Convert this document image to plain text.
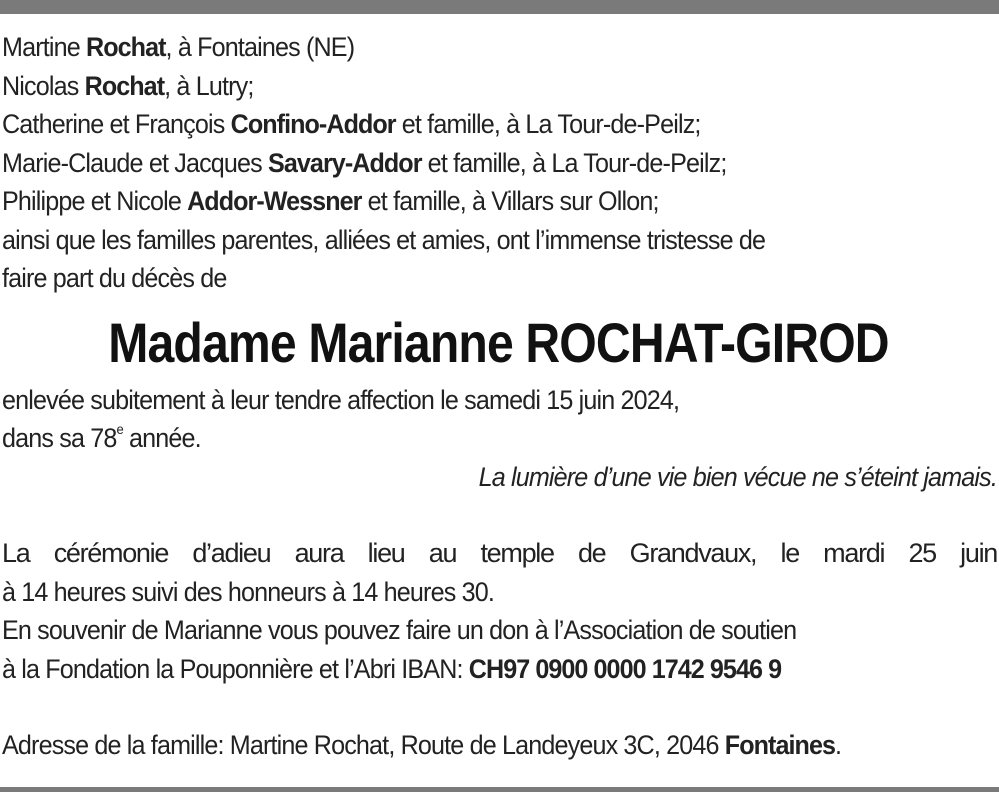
Martine Rochat, à Fontaines (NE)
Nicolas Rochat, à Lutry;
Catherine et François Confino-Addor et famille, à La Tour-de-Peilz;
Marie-Claude et Jacques Savary-Addor et famille, à La Tour-de-Peilz;
Philippe et Nicole Addor-Wessner et famille, à Villars sur Ollon;
ainsi que les familles parentes, alliées et amies, ont l’immense tristesse de
faire part du décès de
Madame Marianne ROCHAT-GIROD
enlevée subitement à leur tendre affection le samedi 15 juin 2024,
dans sa 78e année.
La lumière d’une vie bien vécue ne s’éteint jamais.
La cérémonie d’adieu aura lieu au temple de Grandvaux, le mardi 25 juin
à 14 heures suivi des honneurs à 14 heures 30.
En souvenir de Marianne vous pouvez faire un don à l’Association de soutien
à la Fondation la Pouponnière et l’Abri IBAN: CH97 0900 0000 1742 9546 9
Adresse de la famille: Martine Rochat, Route de Landeyeux 3C, 2046 Fontaines.
